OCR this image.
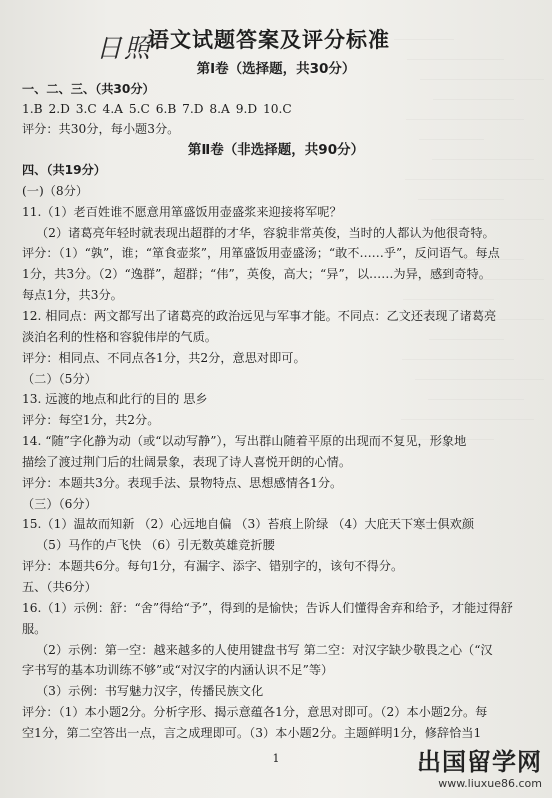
日照
语文试题答案及评分标准
第Ⅰ卷（选择题，共30分）
一、二、三、（共30分）
1.B 2.D 3.C 4.A 5.C 6.B 7.D 8.A 9.D 10.C
评分：共30分，每小题3分。
第Ⅱ卷（非选择题，共90分）
四、（共19分）
(一)（8分）
11.（1）老百姓谁不愿意用箪盛饭用壶盛浆来迎接将军呢？
（2）诸葛亮年轻时就表现出超群的才华，容貌非常英俊，当时的人都认为他很奇特。
评分：（1）“孰”，谁；“箪食壶浆”，用箪盛饭用壶盛汤；“敢不……乎”，反问语气。每点
1分，共3分。（2）“逸群”，超群；“伟”，英俊，高大；“异”，以……为异，感到奇特。
每点1分，共3分。
12. 相同点：两文都写出了诸葛亮的政治远见与军事才能。不同点：乙文还表现了诸葛亮
淡泊名利的性格和容貌伟岸的气质。
评分：相同点、不同点各1分，共2分，意思对即可。
（二）（5分）
13. 远渡的地点和此行的目的 思乡
评分：每空1分，共2分。
14. “随”字化静为动（或“以动写静”），写出群山随着平原的出现而不复见，形象地
描绘了渡过荆门后的壮阔景象，表现了诗人喜悦开朗的心情。
评分：本题共3分。表现手法、景物特点、思想感情各1分。
（三）（6分）
15.（1）温故而知新 （2）心远地自偏 （3）苔痕上阶绿 （4）大庇天下寒士俱欢颜
（5）马作的卢飞快 （6）引无数英雄竞折腰
评分：本题共6分。每句1分，有漏字、添字、错别字的，该句不得分。
五、（共6分）
16.（1）示例：舒：“舍”得给“予”，得到的是愉快；告诉人们懂得舍弃和给予，才能过得舒
服。
（2）示例：第一空：越来越多的人使用键盘书写 第二空：对汉字缺少敬畏之心（“汉
字书写的基本功训练不够”或“对汉字的内涵认识不足”等）
（3）示例：书写魅力汉字，传播民族文化
评分：（1）本小题2分。分析字形、揭示意蕴各1分，意思对即可。（2）本小题2分。每
空1分，第二空答出一点，言之成理即可。（3）本小题2分。主题鲜明1分，修辞恰当1
1	出国留学网
www.liuxue86.com
